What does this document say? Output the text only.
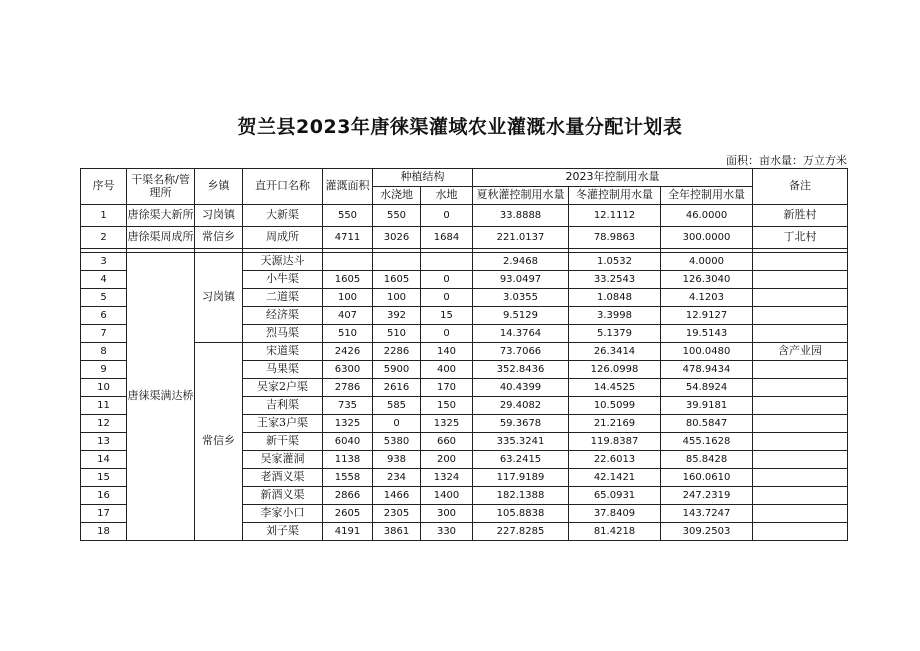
贺兰县2023年唐徕渠灌域农业灌溉水量分配计划表
面积：亩水量：万立方米
序号	干渠名称/管理所	乡镇	直开口名称	灌溉面积	种植结构		2023年控制用水量			备注
					水浇地	水地	夏秋灌控制用水量	冬灌控制用水量	全年控制用水量	
1	唐徐渠大新所	习岗镇	大新渠	550	550	0	33.8888	12.1112	46.0000	新胜村
2	唐徐渠周成所	常信乡	周成所	4711	3026	1684	221.0137	78.9863	300.0000	丁北村

3	唐徕渠满达桥	习岗镇	天源达斗				2.9468	1.0532	4.0000	
4			小牛渠	1605	1605	0	93.0497	33.2543	126.3040	
5			二道渠	100	100	0	3.0355	1.0848	4.1203	
6			经济渠	407	392	15	9.5129	3.3998	12.9127	
7			烈马渠	510	510	0	14.3764	5.1379	19.5143	
8		常信乡	宋道渠	2426	2286	140	73.7066	26.3414	100.0480	含产业园
9			马果渠	6300	5900	400	352.8436	126.0998	478.9434	
10			吴家2户渠	2786	2616	170	40.4399	14.4525	54.8924	
11			吉利渠	735	585	150	29.4082	10.5099	39.9181	
12			王家3户渠	1325	0	1325	59.3678	21.2169	80.5847	
13			新干渠	6040	5380	660	335.3241	119.8387	455.1628	
14			吴家灌洞	1138	938	200	63.2415	22.6013	85.8428	
15			老酒义渠	1558	234	1324	117.9189	42.1421	160.0610	
16			新酒义渠	2866	1466	1400	182.1388	65.0931	247.2319	
17			李家小口	2605	2305	300	105.8838	37.8409	143.7247	
18			刘子渠	4191	3861	330	227.8285	81.4218	309.2503	
